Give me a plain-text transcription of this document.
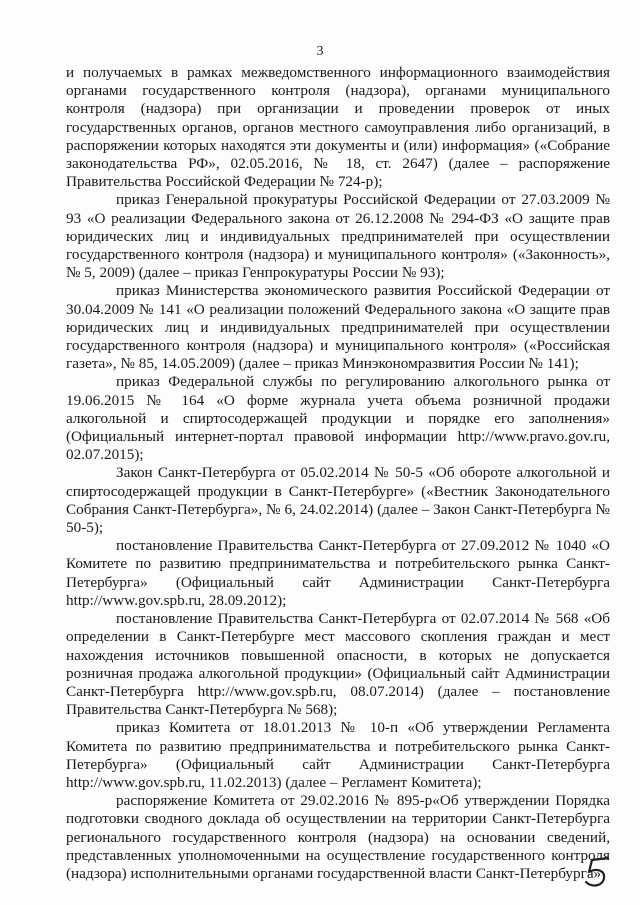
3

и получаемых в рамках межведомственного информационного взаимодействия органами государственного контроля (надзора), органами муниципального контроля (надзора) при организации и проведении проверок от иных государственных органов, органов местного самоуправления либо организаций, в распоряжении которых находятся эти документы и (или) информация» («Собрание законодательства РФ», 02.05.2016, № 18, ст. 2647) (далее – распоряжение Правительства Российской Федерации № 724-р);

приказ Генеральной прокуратуры Российской Федерации от 27.03.2009 № 93 «О реализации Федерального закона от 26.12.2008 № 294-ФЗ «О защите прав юридических лиц и индивидуальных предпринимателей при осуществлении государственного контроля (надзора) и муниципального контроля» («Законность», № 5, 2009) (далее – приказ Генпрокуратуры России № 93);

приказ Министерства экономического развития Российской Федерации от 30.04.2009 № 141 «О реализации положений Федерального закона «О защите прав юридических лиц и индивидуальных предпринимателей при осуществлении государственного контроля (надзора) и муниципального контроля» («Российская газета», № 85, 14.05.2009) (далее – приказ Минэкономразвития России № 141);

приказ Федеральной службы по регулированию алкогольного рынка от 19.06.2015 № 164 «О форме журнала учета объема розничной продажи алкогольной и спиртосодержащей продукции и порядке его заполнения» (Официальный интернет-портал правовой информации http://www.pravo.gov.ru, 02.07.2015);

Закон Санкт-Петербурга от 05.02.2014 № 50-5 «Об обороте алкогольной и спиртосодержащей продукции в Санкт-Петербурге» («Вестник Законодательного Собрания Санкт-Петербурга», № 6, 24.02.2014) (далее – Закон Санкт-Петербурга № 50-5);

постановление Правительства Санкт-Петербурга от 27.09.2012 № 1040 «О Комитете по развитию предпринимательства и потребительского рынка Санкт-Петербурга» (Официальный сайт Администрации Санкт-Петербурга http://www.gov.spb.ru, 28.09.2012);

постановление Правительства Санкт-Петербурга от 02.07.2014 № 568 «Об определении в Санкт-Петербурге мест массового скопления граждан и мест нахождения источников повышенной опасности, в которых не допускается розничная продажа алкогольной продукции» (Официальный сайт Администрации Санкт-Петербурга http://www.gov.spb.ru, 08.07.2014) (далее – постановление Правительства Санкт-Петербурга № 568);

приказ Комитета от 18.01.2013 № 10-п «Об утверждении Регламента Комитета по развитию предпринимательства и потребительского рынка Санкт-Петербурга» (Официальный сайт Администрации Санкт-Петербурга http://www.gov.spb.ru, 11.02.2013) (далее – Регламент Комитета);

распоряжение Комитета от 29.02.2016 № 895-р«Об утверждении Порядка подготовки сводного доклада об осуществлении на территории Санкт-Петербурга регионального государственного контроля (надзора) на основании сведений, представленных уполномоченными на осуществление государственного контроля (надзора) исполнительными органами государственной власти Санкт-Петербурга»
